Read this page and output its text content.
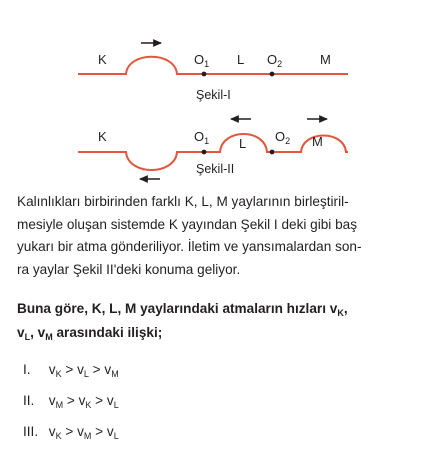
K	$O_1$ L $O_2$	M
Şekil-I
K	$O_1$ L $O_2$ M
Şekil-II

Kalınlıkları birbirinden farklı K, L, M yaylarının birleştiril-
mesiyle oluşan sistemde K yayından Şekil I deki gibi baş
yukarı bir atma gönderiliyor. İletim ve yansımalardan son-
ra yaylar Şekil II'deki konuma geliyor.

Buna göre, K, L, M yaylarındaki atmaların hızları $v_K$,
$v_L$, $v_M$ arasındaki ilişki;

I. $v_K > v_L > v_M$
II. $v_M > v_K > v_L$
III. $v_K > v_M > v_L$
